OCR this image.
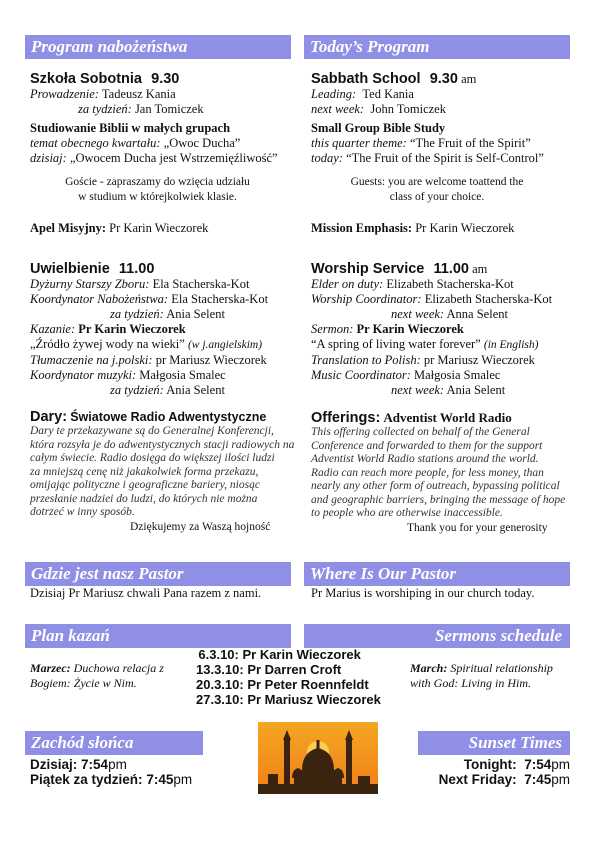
Program nabożeństwa	Today’s Program
Szkoła Sobotnia 9.30
Prowadzenie: Tadeusz Kania
za tydzień: Jan Tomiczek
Studiowanie Biblii w małych grupach
temat obecnego kwartału: „Owoc Ducha”
dzisiaj: „Owocem Ducha jest Wstrzemięźliwość”
Goście - zapraszamy do wzięcia udziału
w studium w którejkolwiek klasie.
Apel Misyjny: Pr Karin Wieczorek
Uwielbienie 11.00
Dyżurny Starszy Zboru: Ela Stacherska-Kot
Koordynator Nabożeństwa: Ela Stacherska-Kot
za tydzień: Ania Selent
Kazanie: Pr Karin Wieczorek
„Źródło żywej wody na wieki” (w j.angielskim)
Tłumaczenie na j.polski: pr Mariusz Wieczorek
Koordynator muzyki: Małgosia Smalec
za tydzień: Ania Selent
Dary: Światowe Radio Adwentystyczne
Dary te przekazywane są do Generalnej Konferencji,
która rozsyła je do adwentystycznych stacji radiowych na
całym świecie. Radio dosięga do większej ilości ludzi
za mniejszą cenę niż jakakolwiek forma przekazu,
omijając polityczne i geograficzne bariery, niosąc
przesłanie nadziei do ludzi, do których nie można
dotrzeć w inny sposób.
Dziękujemy za Waszą hojność
Sabbath School 9.30 am
Leading: Ted Kania
next week: John Tomiczek
Small Group Bible Study
this quarter theme: “The Fruit of the Spirit”
today: “The Fruit of the Spirit is Self-Control”
Guests: you are welcome toattend the
class of your choice.
Mission Emphasis: Pr Karin Wieczorek
Worship Service 11.00 am
Elder on duty: Elizabeth Stacherska-Kot
Worship Coordinator: Elizabeth Stacherska-Kot
next week: Anna Selent
Sermon: Pr Karin Wieczorek
“A spring of living water forever” (in English)
Translation to Polish: pr Mariusz Wieczorek
Music Coordinator: Małgosia Smalec
next week: Ania Selent
Offerings: Adventist World Radio
This offering collected on behalf of the General
Conference and forwarded to them for the support
Adventist World Radio stations around the world.
Radio can reach more people, for less money, than
nearly any other form of outreach, bypassing political
and geographic barriers, bringing the message of hope
to people who are otherwise inaccessible.
Thank you for your generosity
Gdzie jest nasz Pastor	Where Is Our Pastor
Dzisiaj Pr Mariusz chwali Pana razem z nami.	Pr Marius is worshiping in our church today.
Plan kazań	Sermons schedule
Marzec: Duchowa relacja z
Bogiem: Życie w Nim.
6.3.10: Pr Karin Wieczorek
13.3.10: Pr Darren Croft
20.3.10: Pr Peter Roennfeldt
27.3.10: Pr Mariusz Wieczorek
March: Spiritual relationship
with God: Living in Him.
Zachód słońca	Sunset Times
Dzisiaj: 7:54pm
Piątek za tydzień: 7:45pm
Tonight: 7:54pm
Next Friday: 7:45pm
